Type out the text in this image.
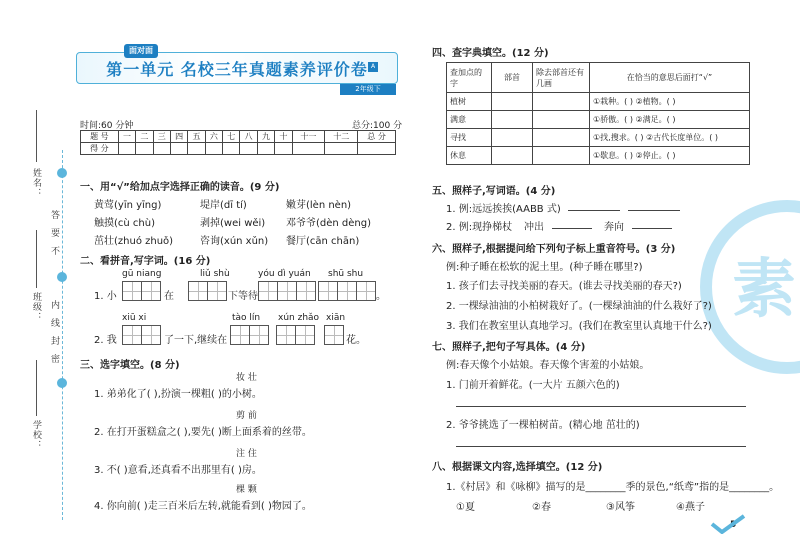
姓名：
班级：
学校：
答
要
不
内
线
封
密
第一单元 名校三年真题素养评价卷
面对面
A
2年级下
时间:60 分钟	总分:100 分
题 号	一	二	三	四	五	六	七	八	九	十	十一	十二	总 分
得 分													
一、用“√”给加点字选择正确的读音。(9 分)
黄莺(yīn yīng)	堤岸(dī tí)	嫩芽(lèn nèn)
触摸(cù chù)	剥掉(wei wěi) 邓爷爷(dèn dèng)
茁壮(zhuó zhuǒ)	咨询(xún xǔn) 餐厅(cān chān)
二、看拼音,写字词。(16 分)
gū niang	liǔ shù	yóu dì yuán shū shu
1. 小	在	下等待	。
xiū xi	tào lín xún zhǎo xiān
2. 我	了一下,继续在	花。
三、选字填空。(8 分)
妆 壮
1. 弟弟化了( ),扮演一棵粗( )的小树。
剪 前
2. 在打开蛋糕盒之( ),要先( )断上面系着的丝带。
注 住
3. 不( )意看,还真看不出那里有( )房。
棵 颗
4. 你向前( )走三百米后左转,就能看到( )物园了。
素
四、查字典填空。(12 分)
查加点的字	部首	除去部首还有几画	在恰当的意思后面打“√”
植树			①栽种。( ) ②植物。( )
满意			①骄傲。( ) ②满足。( )
寻找			①找,搜求。( ) ②古代长度单位。( )
休息			①歇息。( ) ②停止。( )
五、照样子,写词语。(4 分)
1. 例:远远挨挨(AABB 式)
2. 例:现挣梯杖 冲出	奔向
六、照样子,根据提问给下列句子标上重音符号。(3 分)
例:种子睡在松软的泥土里。(种子睡在哪里?)
1. 孩子们去寻找美丽的春天。(谁去寻找美丽的春天?)
2. 一棵绿油油的小柏树栽好了。(一棵绿油油的什么栽好了?)
3. 我们在教室里认真地学习。(我们在教室里认真地干什么?)
七、照样子,把句子写具体。(4 分)
例:春天像个小姑娘。春天像个害羞的小姑娘。
1. 门前开着鲜花。(一大片 五颜六色的)
2. 爷爷挑选了一棵柏树苗。(精心地 茁壮的)
八、根据课文内容,选择填空。(12 分)
1.《村居》和《咏柳》描写的是________季的景色,“纸鸢”指的是________。
①夏	②春	③风筝	④燕子
5
